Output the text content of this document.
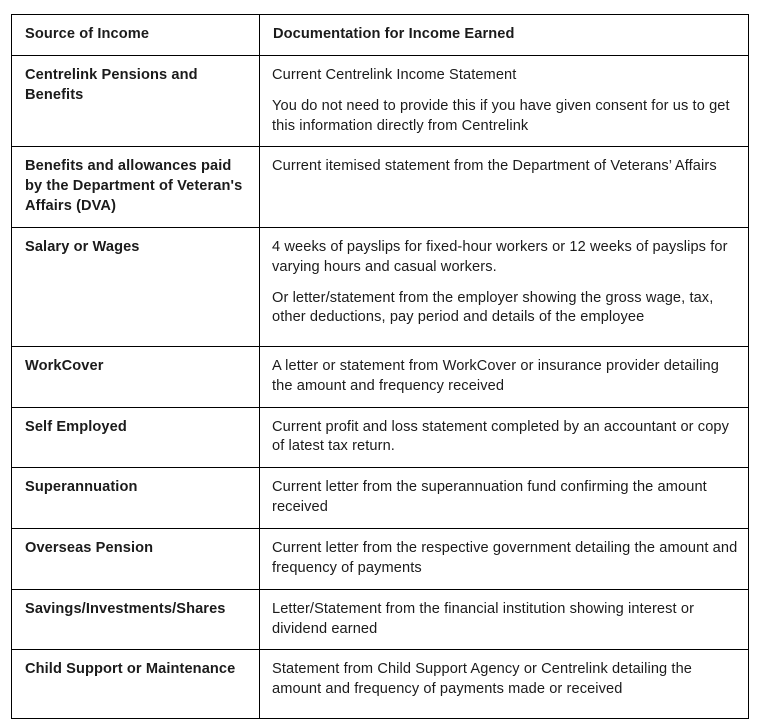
Source of Income	Documentation for Income Earned
Centrelink Pensions and Benefits	Current Centrelink Income Statement

You do not need to provide this if you have given consent for us to get this information directly from Centrelink

Benefits and allowances paid by the Department of Veteran's Affairs (DVA)	Current itemised statement from the Department of Veterans’ Affairs

Salary or Wages	4 weeks of payslips for fixed-hour workers or 12 weeks of payslips for varying hours and casual workers.

Or letter/statement from the employer showing the gross wage, tax, other deductions, pay period and details of the employee

WorkCover	A letter or statement from WorkCover or insurance provider detailing the amount and frequency received

Self Employed	Current profit and loss statement completed by an accountant or copy of latest tax return.

Superannuation	Current letter from the superannuation fund confirming the amount received

Overseas Pension	Current letter from the respective government detailing the amount and frequency of payments

Savings/Investments/Shares	Letter/Statement from the financial institution showing interest or dividend earned

Child Support or Maintenance	Statement from Child Support Agency or Centrelink detailing the amount and frequency of payments made or received
